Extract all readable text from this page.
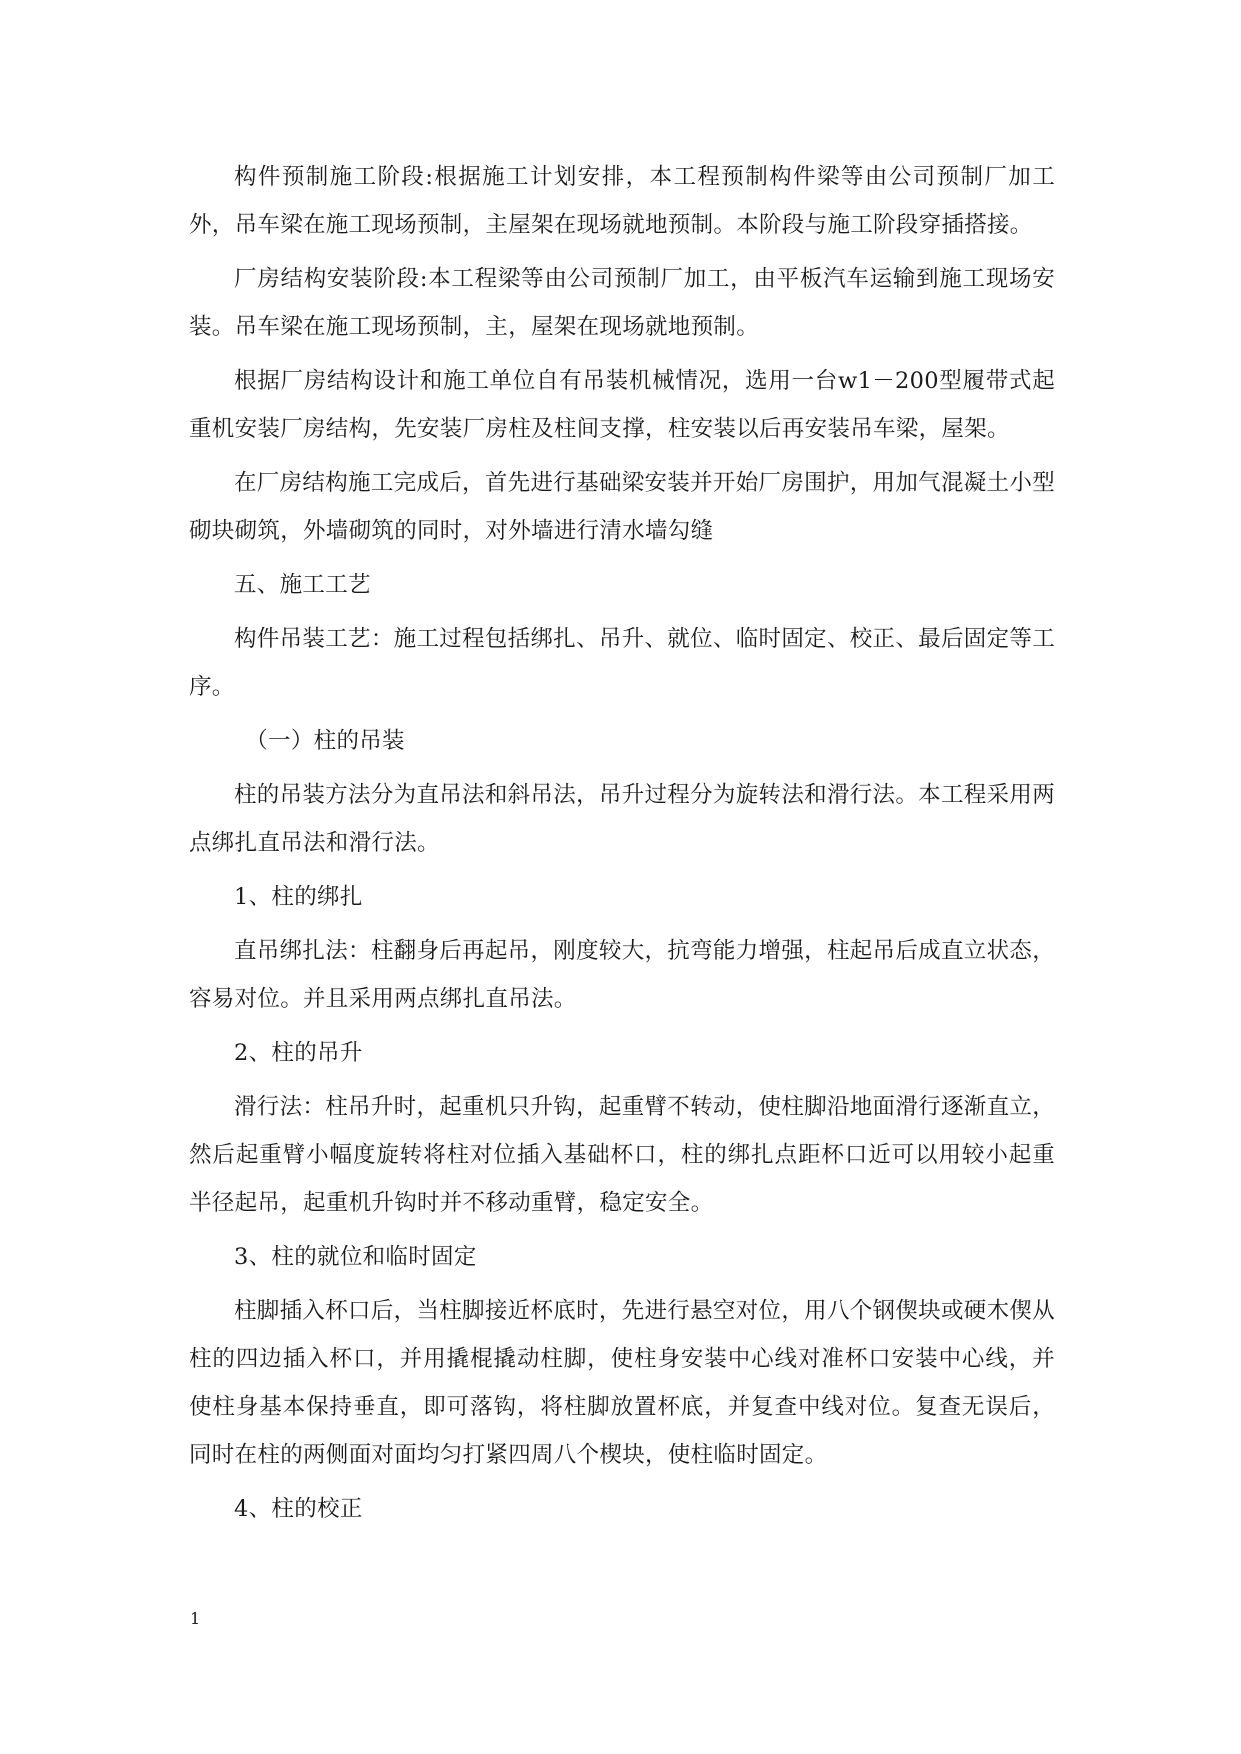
构件预制施工阶段:根据施工计划安排，本工程预制构件梁等由公司预制厂加工外，吊车梁在施工现场预制，主屋架在现场就地预制。本阶段与施工阶段穿插搭接。

厂房结构安装阶段:本工程梁等由公司预制厂加工，由平板汽车运输到施工现场安装。吊车梁在施工现场预制，主，屋架在现场就地预制。

根据厂房结构设计和施工单位自有吊装机械情况，选用一台w1－200型履带式起重机安装厂房结构，先安装厂房柱及柱间支撑，柱安装以后再安装吊车梁，屋架。

在厂房结构施工完成后，首先进行基础梁安装并开始厂房围护，用加气混凝土小型砌块砌筑，外墙砌筑的同时，对外墙进行清水墙勾缝

五、施工工艺

构件吊装工艺：施工过程包括绑扎、吊升、就位、临时固定、校正、最后固定等工序。

（一）柱的吊装

柱的吊装方法分为直吊法和斜吊法，吊升过程分为旋转法和滑行法。本工程采用两点绑扎直吊法和滑行法。

1、柱的绑扎

直吊绑扎法：柱翻身后再起吊，刚度较大，抗弯能力增强，柱起吊后成直立状态，容易对位。并且采用两点绑扎直吊法。

2、柱的吊升

滑行法：柱吊升时，起重机只升钩，起重臂不转动，使柱脚沿地面滑行逐渐直立，然后起重臂小幅度旋转将柱对位插入基础杯口，柱的绑扎点距杯口近可以用较小起重半径起吊，起重机升钩时并不移动重臂，稳定安全。

3、柱的就位和临时固定

柱脚插入杯口后，当柱脚接近杯底时，先进行悬空对位，用八个钢偰块或硬木偰从柱的四边插入杯口，并用撬棍撬动柱脚，使柱身安装中心线对准杯口安装中心线，并使柱身基本保持垂直，即可落钩，将柱脚放置杯底，并复查中线对位。复查无误后，同时在柱的两侧面对面均匀打紧四周八个楔块，使柱临时固定。

4、柱的校正

1
